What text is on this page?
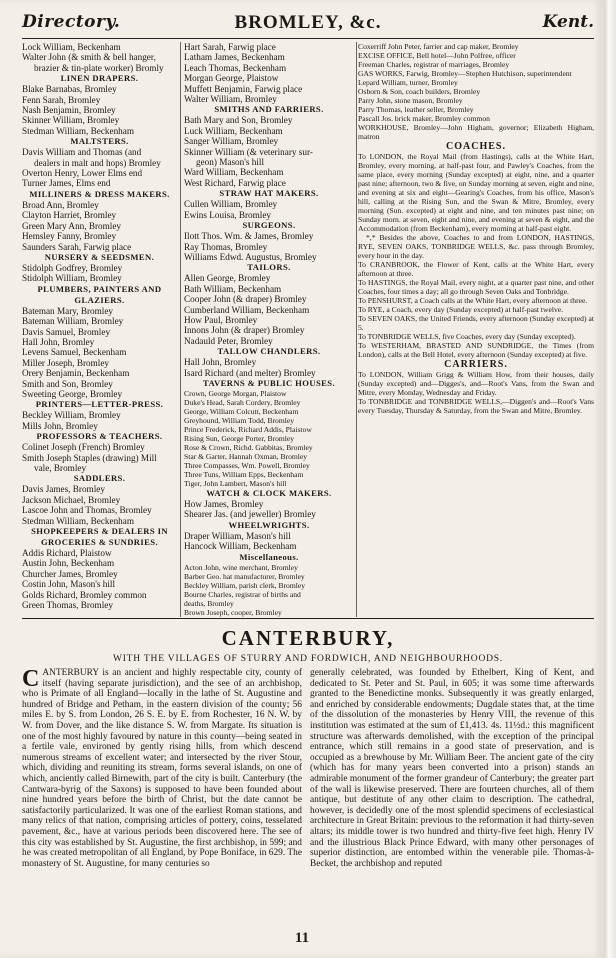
Directory.	BROMLEY, &c.	Kent.
Lock William, Beckenham
Walter John (& smith & bell hanger,
brazier & tin-plate worker) Bromly
LINEN DRAPERS.
Blake Barnabas, Bromley
Fenn Sarah, Bromley
Nash Benjamin, Bromley
Skinner William, Bromley
Stedman William, Beckenham
MALTSTERS.
Davis William and Thomas (and
dealers in malt and hops) Bromley
Overton Henry, Lower Elms end
Turner James, Elms end
MILLINERS & DRESS MAKERS.
Broad Ann, Bromley
Clayton Harriet, Bromley
Green Mary Ann, Bromley
Hemsley Fanny, Bromley
Saunders Sarah, Farwig place
NURSERY & SEEDSMEN.
Stidolph Godfrey, Bromley
Stidolph William, Bromley
PLUMBERS, PAINTERS AND
GLAZIERS.
Bateman Mary, Bromley
Bateman William, Bromley
Davis Samuel, Bromley
Hall John, Bromley
Levens Samuel, Beckenham
Miller Joseph, Bromley
Orery Benjamin, Beckenham
Smith and Son, Bromley
Sweeting George, Bromley
PRINTERS—LETTER-PRESS.
Beckley William, Bromley
Mills John, Bromley
PROFESSORS & TEACHERS.
Colinet Joseph (French) Bromley
Smith Joseph Staples (drawing) Mill
vale, Bromley
SADDLERS.
Davis James, Bromley
Jackson Michael, Bromley
Lascoe John and Thomas, Bromley
Stedman William, Beckenham
SHOPKEEPERS & DEALERS IN
GROCERIES & SUNDRIES.
Addis Richard, Plaistow
Austin John, Beckenham
Churcher James, Bromley
Costin John, Mason's hill
Golds Richard, Bromley common
Green Thomas, Bromley
Hart Sarah, Farwig place
Latham James, Beckenham
Leach Thomas, Beckenham
Morgan George, Plaistow
Muffett Benjamin, Farwig place
Walter William, Bromley
SMITHS AND FARRIERS.
Bath Mary and Son, Bromley
Luck William, Beckenham
Sanger William, Bromley
Skinner William (& veterinary sur-
geon) Mason's hill
Ward William, Beckenham
West Richard, Farwig place
STRAW HAT MAKERS.
Cullen William, Bromley
Ewins Louisa, Bromley
SURGEONS.
Ilott Thos. Wm. & James, Bromley
Ray Thomas, Bromley
Williams Edwd. Augustus, Bromley
TAILORS.
Allen George, Bromley
Bath William, Beckenham
Cooper John (& draper) Bromley
Cumberland William, Beckenham
How Paul, Bromley
Innons John (& draper) Bromley
Nadauld Peter, Bromley
TALLOW CHANDLERS.
Hall John, Bromley
Isard Richard (and melter) Bromley
TAVERNS & PUBLIC HOUSES.
Crown, George Morgan, Plaistow
Duke's Head, Sarah Cordery, Bromley
George, William Colcutt, Beckenham
Greyhound, William Todd, Bromley
Prince Frederick, Richard Addis, Plaistow
Rising Sun, George Porter, Bromley
Rose & Crown, Richd. Gabbitas, Bromley
Star & Garter, Hannah Oxman, Bromley
Three Compasses, Wm. Powell, Bromley
Three Tuns, William Epps, Beckenham
Tiger, John Lambert, Mason's hill
WATCH & CLOCK MAKERS.
How James, Bromley
Shearer Jas. (and jeweller) Bromley
WHEELWRIGHTS.
Draper William, Mason's hill
Hancock William, Beckenham
Miscellaneous.
Acton John, wine merchant, Bromley
Barber Geo. hat manufacturer, Bromley
Beckley William, parish clerk, Bromley
Bourne Charles, registrar of births and
deaths, Bromley
Brown Joseph, cooper, Bromley
Coxerriff John Peter, farrier and cap maker, Bromley
EXCISE OFFICE, Bell hotel—John Polfree, officer
Freeman Charles, registrar of marriages, Bromley
GAS WORKS, Farwig, Bromley—Stephen Hutchison, superintendent
Lepard William, turner, Bromley
Osborn & Son, coach builders, Bromley
Parry John, stone mason, Bromley
Parry Thomas, leather seller, Bromley
Pascall Jos. brick maker, Bromley common
WORKHOUSE, Bromley—John Higham, governor; Elizabeth Higham, matron
COACHES.
To LONDON, the Royal Mail (from Hastings), calls at the White Hart, Bromley, every morning, at half-past four, and Pawley's Coaches, from the same place, every morning (Sunday excepted) at eight, nine, and a quarter past nine; afternoon, two & five, on Sunday morning at seven, eight and nine, and evening at six and eight—Gearing's Coaches, from his office, Mason's hill, calling at the Rising Sun, and the Swan & Mitre, Bromley, every morning (Sun. excepted) at eight and nine, and ten minutes past nine; on Sunday morn. at seven, eight and nine, and evening at seven & eight, and the Accommodation (from Beckenham), every morning at half-past eight.
*,* Besides the above, Coaches to and from LONDON, HASTINGS, RYE, SEVEN OAKS, TONBRIDGE WELLS, &c. pass through Bromley, every hour in the day.
To CRANBROOK, the Flower of Kent, calls at the White Hart, every afternoon at three.
To HASTINGS, the Royal Mail, every night, at a quarter past nine, and other Coaches, four times a day; all go through Seven Oaks and Tonbridge.
To PENSHURST, a Coach calls at the White Hart, every afternoon at three.
To RYE, a Coach, every day (Sunday excepted) at half-past twelve.
To SEVEN OAKS, the United Friends, every afternoon (Sunday excepted) at 5.
To TONBRIDGE WELLS, five Coaches, every day (Sunday excepted).
To WESTERHAM, BRASTED AND SUNDRIDGE, the Times (from London), calls at the Bell Hotel, every afternoon (Sunday excepted) at five.
CARRIERS.
To LONDON, William Grigg & William How, from their houses, daily (Sunday excepted) and—Digges's, and—Root's Vans, from the Swan and Mitre, every Monday, Wednesday and Friday.
To TONBRIDGE and TONBRIDGE WELLS,—Diggen's and—Root's Vans every Tuesday, Thursday & Saturday, from the Swan and Mitre, Bromley.
CANTERBURY,
WITH THE VILLAGES OF STURRY AND FORDWICH, AND NEIGHBOURHOODS.
CANTERBURY is an ancient and highly respectable city, county of itself (having separate jurisdiction), and the see of an archbishop, who is Primate of all England—locally in the lathe of St. Augustine and hundred of Bridge and Petham, in the eastern division of the county; 56 miles E. by S. from London, 26 S. E. by E. from Rochester, 16 N. W. by W. from Dover, and the like distance S. W. from Margate. Its situation is one of the most highly favoured by nature in this county—being seated in a fertile vale, environed by gently rising hills, from which descend numerous streams of excellent water; and intersected by the river Stour, which, dividing and reuniting its stream, forms several islands, on one of which, anciently called Birnewith, part of the city is built. Canterbury (the Cantwara-byrig of the Saxons) is supposed to have been founded about nine hundred years before the birth of Christ, but the date cannot be satisfactorily particularized. It was one of the earliest Roman stations, and many relics of that nation, comprising articles of pottery, coins, tesselated pavement, &c., have at various periods been discovered here. The see of this city was established by St. Augustine, the first archbishop, in 599; and he was created metropolitan of all England, by Pope Boniface, in 629. The monastery of St. Augustine, for many centuries so
generally celebrated, was founded by Ethelbert, King of Kent, and dedicated to St. Peter and St. Paul, in 605; it was some time afterwards granted to the Benedictine monks. Subsequently it was greatly enlarged, and enriched by considerable endowments; Dugdale states that, at the time of the dissolution of the monasteries by Henry VIII, the revenue of this institution was estimated at the sum of £1,413. 4s. 11½d.: this magnificent structure was afterwards demolished, with the exception of the principal entrance, which still remains in a good state of preservation, and is occupied as a brewhouse by Mr. William Beer. The ancient gate of the city (which has for many years been converted into a prison) stands an admirable monument of the former grandeur of Canterbury; the greater part of the wall is likewise preserved. There are fourteen churches, all of them antique, but destitute of any other claim to description. The cathedral, however, is decidedly one of the most splendid specimens of ecclesiastical architecture in Great Britain: previous to the reformation it had thirty-seven altars; its middle tower is two hundred and thirty-five feet high. Henry IV and the illustrious Black Prince Edward, with many other personages of superior distinction, are entombed within the venerable pile. Thomas-à-Becket, the archbishop and reputed
11
